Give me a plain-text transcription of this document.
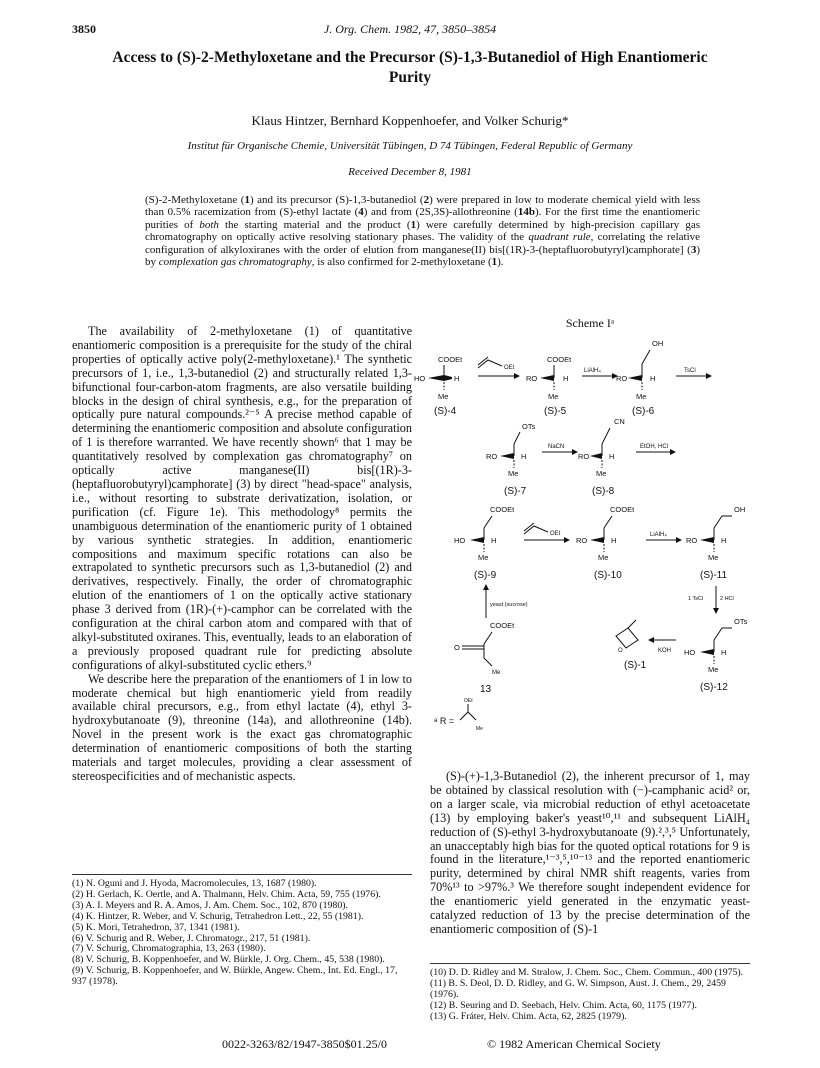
3850	J. Org. Chem. 1982, 47, 3850–3854
Access to (S)-2-Methyloxetane and the Precursor (S)-1,3-Butanediol of High Enantiomeric Purity
Klaus Hintzer, Bernhard Koppenhoefer, and Volker Schurig*
Institut für Organische Chemie, Universität Tübingen, D 74 Tübingen, Federal Republic of Germany
Received December 8, 1981
(S)-2-Methyloxetane (1) and its precursor (S)-1,3-butanediol (2) were prepared in low to moderate chemical yield with less than 0.5% racemization from (S)-ethyl lactate (4) and from (2S,3S)-allothreonine (14b). For the first time the enantiomeric purities of both the starting material and the product (1) were carefully determined by high-precision capillary gas chromatography on optically active resolving stationary phases. The validity of the quadrant rule, correlating the relative configuration of alkyloxiranes with the order of elution from manganese(II) bis[(1R)-3-(heptafluorobutyryl)camphorate] (3) by complexation gas chromatography, is also confirmed for 2-methyloxetane (1).

The availability of 2-methyloxetane (1) of quantitative enantiomeric composition is a prerequisite for the study of the chiral properties of optically active poly(2-methyloxetane).¹ The synthetic precursors of 1, i.e., 1,3-butanediol (2) and structurally related 1,3-bifunctional four-carbon-atom fragments, are also versatile building blocks in the design of chiral synthesis, e.g., for the preparation of optically pure natural compounds.²⁻⁵ A precise method capable of determining the enantiomeric composition and absolute configuration of 1 is therefore warranted. We have recently shown⁶ that 1 may be quantitatively resolved by complexation gas chromatography⁷ on optically active manganese(II) bis[(1R)-3-(heptafluorobutyryl)camphorate] (3) by direct "head-space" analysis, i.e., without resorting to substrate derivatization, isolation, or purification (cf. Figure 1e). This methodology⁸ permits the unambiguous determination of the enantiomeric purity of 1 obtained by various synthetic strategies. In addition, enantiomeric compositions and maximum specific rotations can also be extrapolated to synthetic precursors such as 1,3-butanediol (2) and derivatives, respectively. Finally, the order of chromatographic elution of the enantiomers of 1 on the optically active stationary phase 3 derived from (1R)-(+)-camphor can be correlated with the configuration at the chiral carbon atom and compared with that of alkyl-substituted oxiranes. This, eventually, leads to an elaboration of a previously proposed quadrant rule for predicting absolute configurations of alkyl-substituted cyclic ethers.⁹

We describe here the preparation of the enantiomers of 1 in low to moderate chemical but high enantiomeric yield from readily available chiral precursors, e.g., from ethyl lactate (4), ethyl 3-hydroxybutanoate (9), threonine (14a), and allothreonine (14b). Novel in the present work is the exact gas chromatographic determination of enantiomeric compositions of both the starting materials and target molecules, providing a clear assessment of stereospecificities and of mechanistic aspects.

(1) N. Oguni and J. Hyoda, Macromolecules, 13, 1687 (1980).

(2) H. Gerlach, K. Oertle, and A. Thalmann, Helv. Chim. Acta, 59, 755 (1976).

(3) A. I. Meyers and R. A. Amos, J. Am. Chem. Soc., 102, 870 (1980).

(4) K. Hintzer, R. Weber, and V. Schurig, Tetrahedron Lett., 22, 55 (1981).

(5) K. Mori, Tetrahedron, 37, 1341 (1981).

(6) V. Schurig and R. Weber, J. Chromatogr., 217, 51 (1981).

(7) V. Schurig, Chromatographia, 13, 263 (1980).

(8) V. Schurig, B. Koppenhoefer, and W. Bürkle, J. Org. Chem., 45, 538 (1980).

(9) V. Schurig, B. Koppenhoefer, and W. Bürkle, Angew. Chem., Int. Ed. Engl., 17, 937 (1978).

Scheme Iᵃ
COOEt
HO	H
Me
(S)-4
OEt
COOEt
RO	H
Me
(S)-5
LiAlH₄
OH
RO	H
Me
(S)-6
TsCl
OTs
RO	H
Me
(S)-7
NaCN
CN
RO	H
Me
(S)-8
EtOH, HCl
COOEt
HO	H
Me
(S)-9
OEt
COOEt
RO	H
Me
(S)-10
LiAlH₄
OH
RO	H
Me
(S)-11
yeast (sucrose)
1 TsCl	2 HCl
COOEt
O
Me
13
O
(S)-1
KOH
OTs
HO	H
Me
(S)-12
ᵃ R =
OEt
Me

(S)-(+)-1,3-Butanediol (2), the inherent precursor of 1, may be obtained by classical resolution with (−)-camphanic acid² or, on a larger scale, via microbial reduction of ethyl acetoacetate (13) by employing baker's yeast¹⁰,¹¹ and subsequent LiAlH₄ reduction of (S)-ethyl 3-hydroxybutanoate (9).²,³,⁵ Unfortunately, an unacceptably high bias for the quoted optical rotations for 9 is found in the literature,¹⁻³,⁵,¹⁰⁻¹³ and the reported enantiomeric purity, determined by chiral NMR shift reagents, varies from 70%¹³ to >97%.³ We therefore sought independent evidence for the enantiomeric yield generated in the enzymatic yeast-catalyzed reduction of 13 by the precise determination of the enantiomeric composition of (S)-1

(10) D. D. Ridley and M. Stralow, J. Chem. Soc., Chem. Commun., 400 (1975).

(11) B. S. Deol, D. D. Ridley, and G. W. Simpson, Aust. J. Chem., 29, 2459 (1976).

(12) B. Seuring and D. Seebach, Helv. Chim. Acta, 60, 1175 (1977).

(13) G. Fráter, Helv. Chim. Acta, 62, 2825 (1979).

0022-3263/82/1947-3850$01.25/0	© 1982 American Chemical Society
